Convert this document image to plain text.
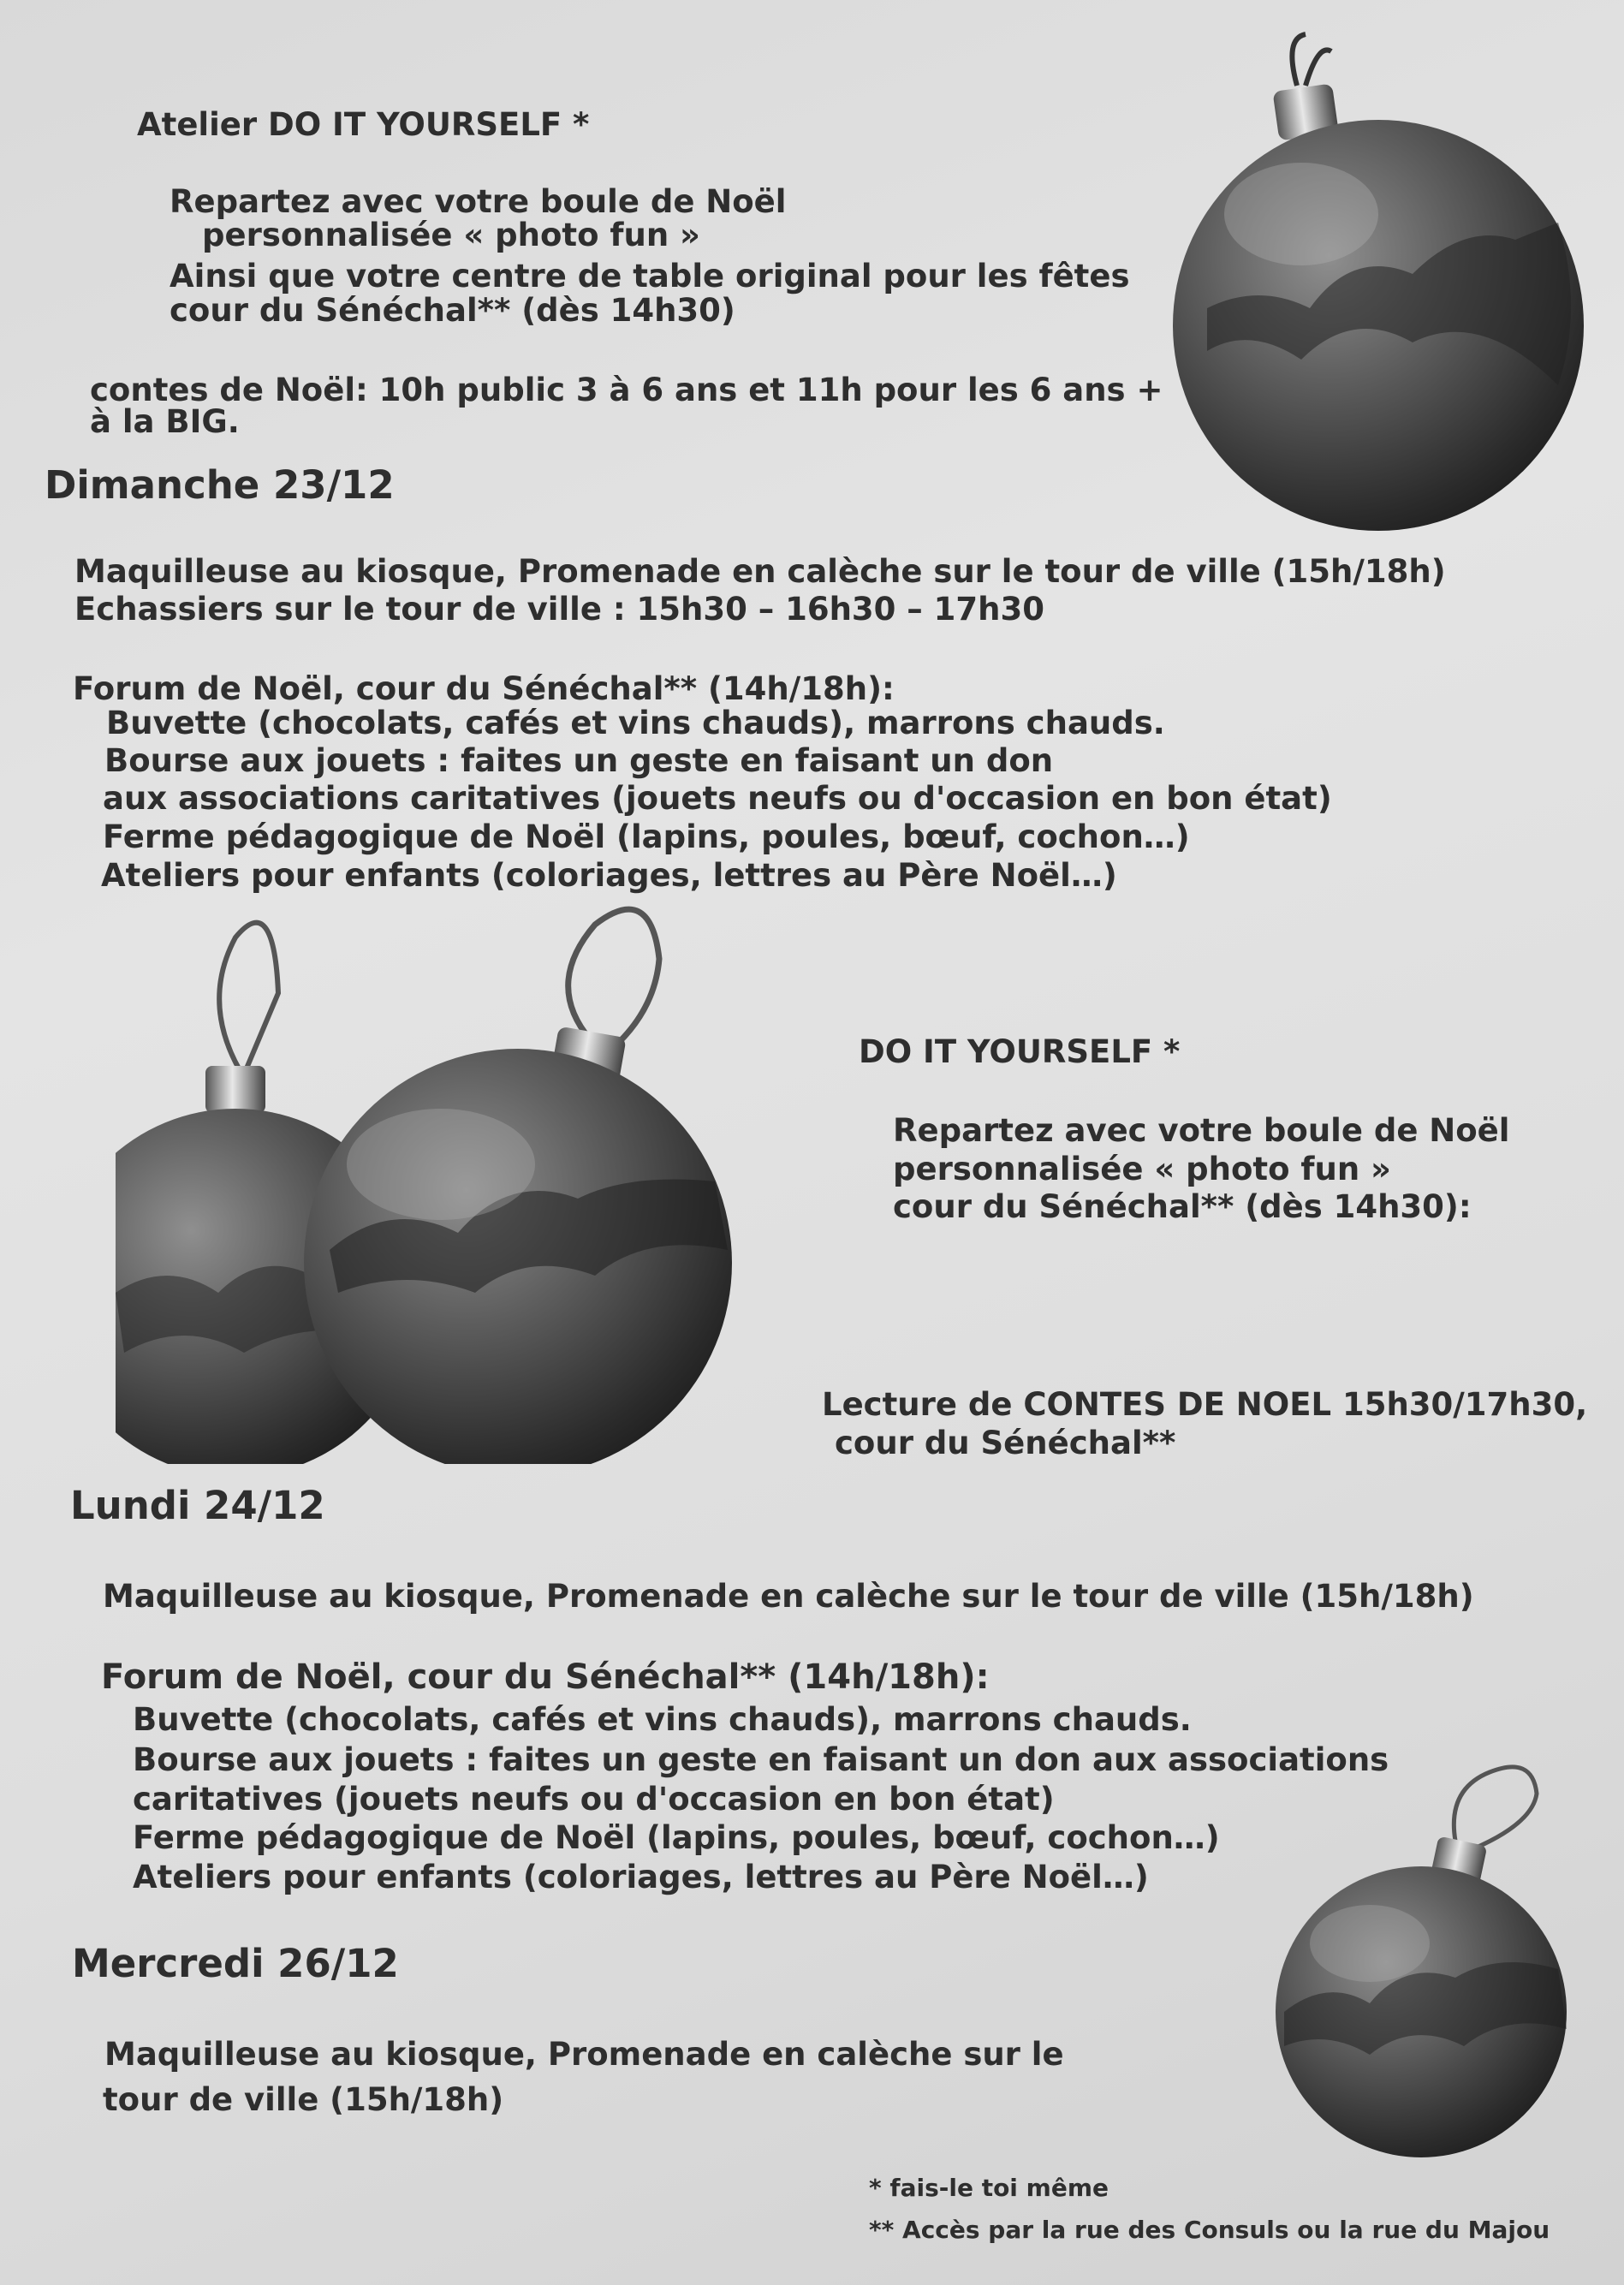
Atelier DO IT YOURSELF *

Repartez avec votre boule de Noël

personnalisée « photo fun »

Ainsi que votre centre de table original pour les fêtes

cour du Sénéchal** (dès 14h30)

contes de Noël: 10h public 3 à 6 ans et 11h pour les 6 ans +

à la BIG.

Dimanche 23/12

Maquilleuse au kiosque, Promenade en calèche sur le tour de ville (15h/18h)

Echassiers sur le tour de ville : 15h30 – 16h30 – 17h30

Forum de Noël, cour du Sénéchal** (14h/18h):

Buvette (chocolats, cafés et vins chauds), marrons chauds.

Bourse aux jouets : faites un geste en faisant un don

aux associations caritatives (jouets neufs ou d'occasion en bon état)

Ferme pédagogique de Noël (lapins, poules, bœuf, cochon…)

Ateliers pour enfants (coloriages, lettres au Père Noël…)

DO IT YOURSELF *

Repartez avec votre boule de Noël

personnalisée « photo fun »

cour du Sénéchal** (dès 14h30):

Lecture de CONTES DE NOEL 15h30/17h30,

cour du Sénéchal**

Lundi 24/12

Maquilleuse au kiosque, Promenade en calèche sur le tour de ville (15h/18h)

Forum de Noël, cour du Sénéchal** (14h/18h):

Buvette (chocolats, cafés et vins chauds), marrons chauds.

Bourse aux jouets : faites un geste en faisant un don aux associations

caritatives (jouets neufs ou d'occasion en bon état)

Ferme pédagogique de Noël (lapins, poules, bœuf, cochon…)

Ateliers pour enfants (coloriages, lettres au Père Noël…)

Mercredi 26/12

Maquilleuse au kiosque, Promenade en calèche sur le

tour de ville (15h/18h)

* fais-le toi même

** Accès par la rue des Consuls ou la rue du Majou
